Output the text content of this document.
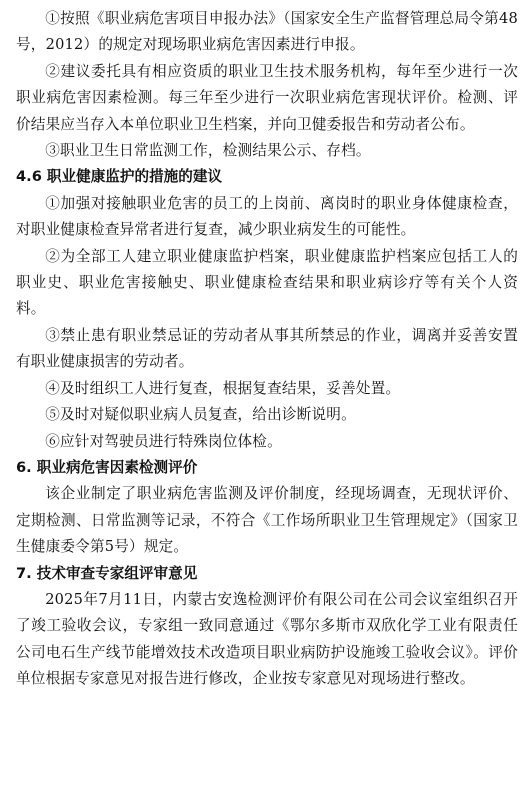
①按照《职业病危害项目申报办法》（国家安全生产监督管理总局令第48号，2012）的规定对现场职业病危害因素进行申报。

②建议委托具有相应资质的职业卫生技术服务机构，每年至少进行一次职业病危害因素检测。每三年至少进行一次职业病危害现状评价。检测、评价结果应当存入本单位职业卫生档案，并向卫健委报告和劳动者公布。

③职业卫生日常监测工作，检测结果公示、存档。

4.6 职业健康监护的措施的建议

①加强对接触职业危害的员工的上岗前、离岗时的职业身体健康检查，对职业健康检查异常者进行复查，减少职业病发生的可能性。

②为全部工人建立职业健康监护档案，职业健康监护档案应包括工人的职业史、职业危害接触史、职业健康检查结果和职业病诊疗等有关个人资料。

③禁止患有职业禁忌证的劳动者从事其所禁忌的作业，调离并妥善安置有职业健康损害的劳动者。

④及时组织工人进行复查，根据复查结果，妥善处置。

⑤及时对疑似职业病人员复查，给出诊断说明。

⑥应针对驾驶员进行特殊岗位体检。

6. 职业病危害因素检测评价

该企业制定了职业病危害监测及评价制度，经现场调查，无现状评价、定期检测、日常监测等记录，不符合《工作场所职业卫生管理规定》（国家卫生健康委令第5号）规定。

7. 技术审查专家组评审意见

2025年7月11日，内蒙古安逸检测评价有限公司在公司会议室组织召开了竣工验收会议，专家组一致同意通过《鄂尔多斯市双欣化学工业有限责任公司电石生产线节能增效技术改造项目职业病防护设施竣工验收会议》。评价单位根据专家意见对报告进行修改，企业按专家意见对现场进行整改。
